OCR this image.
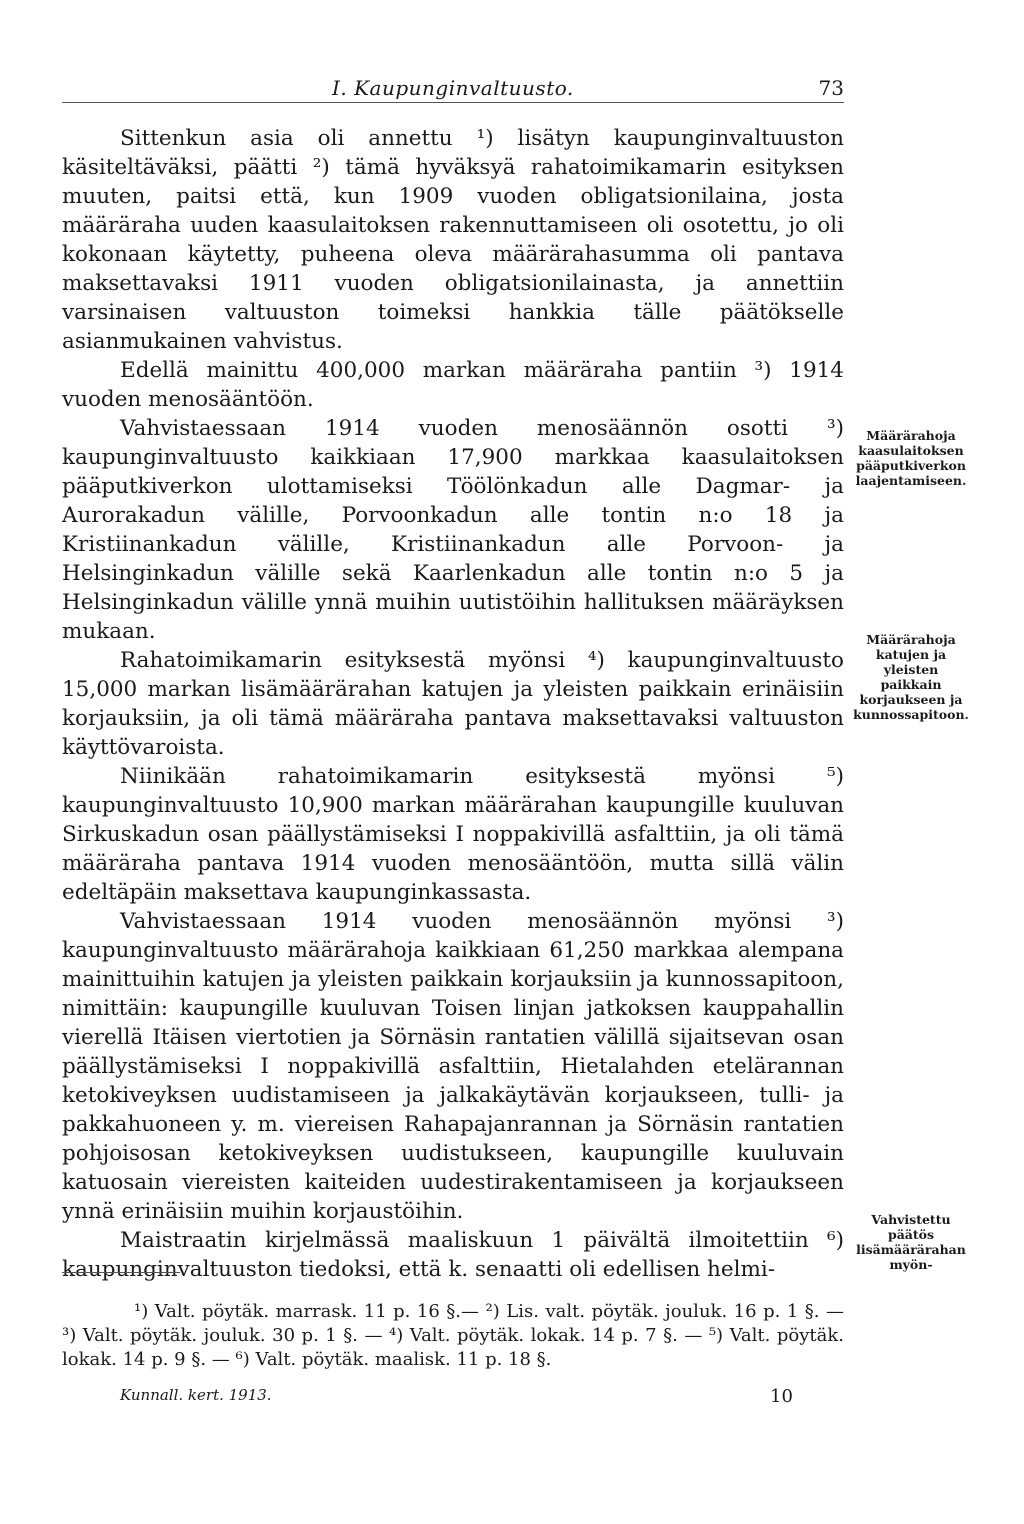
I. Kaupunginvaltuusto.	73

Sittenkun asia oli annettu ¹) lisätyn kaupunginvaltuuston käsiteltäväksi, päätti ²) tämä hyväksyä rahatoimikamarin esityksen muuten, paitsi että, kun 1909 vuoden obligatsionilaina, josta määräraha uuden kaasulaitoksen rakennuttamiseen oli osotettu, jo oli kokonaan käytetty, puheena oleva määrärahasumma oli pantava maksettavaksi 1911 vuoden obligatsionilainasta, ja annettiin varsinaisen valtuuston toimeksi hankkia tälle päätökselle asianmukainen vahvistus.

Edellä mainittu 400,000 markan määräraha pantiin ³) 1914 vuoden menosääntöön.

Vahvistaessaan 1914 vuoden menosäännön osotti ³) kaupunginvaltuusto kaikkiaan 17,900 markkaa kaasulaitoksen pääputkiverkon ulottamiseksi Töölönkadun alle Dagmar- ja Aurorakadun välille, Porvoonkadun alle tontin n:o 18 ja Kristiinankadun välille, Kristiinankadun alle Porvoon- ja Helsinginkadun välille sekä Kaarlenkadun alle tontin n:o 5 ja Helsinginkadun välille ynnä muihin uutistöihin hallituksen määräyksen mukaan.

Rahatoimikamarin esityksestä myönsi ⁴) kaupunginvaltuusto 15,000 markan lisämäärärahan katujen ja yleisten paikkain erinäisiin korjauksiin, ja oli tämä määräraha pantava maksettavaksi valtuuston käyttövaroista.

Niinikään rahatoimikamarin esityksestä myönsi ⁵) kaupunginvaltuusto 10,900 markan määrärahan kaupungille kuuluvan Sirkuskadun osan päällystämiseksi I noppakivillä asfalttiin, ja oli tämä määräraha pantava 1914 vuoden menosääntöön, mutta sillä välin edeltäpäin maksettava kaupunginkassasta.

Vahvistaessaan 1914 vuoden menosäännön myönsi ³) kaupunginvaltuusto määrärahoja kaikkiaan 61,250 markkaa alempana mainittuihin katujen ja yleisten paikkain korjauksiin ja kunnossapitoon, nimittäin: kaupungille kuuluvan Toisen linjan jatkoksen kauppahallin vierellä Itäisen viertotien ja Sörnäsin rantatien välillä sijaitsevan osan päällystämiseksi I noppakivillä asfalttiin, Hietalahden etelärannan ketokiveyksen uudistamiseen ja jalkakäytävän korjaukseen, tulli- ja pakkahuoneen y. m. viereisen Rahapajanrannan ja Sörnäsin rantatien pohjoisosan ketokiveyksen uudistukseen, kaupungille kuuluvain katuosain viereisten kaiteiden uudestirakentamiseen ja korjaukseen ynnä erinäisiin muihin korjaustöihin.

Maistraatin kirjelmässä maaliskuun 1 päivältä ilmoitettiin ⁶) kaupunginvaltuuston tiedoksi, että k. senaatti oli edellisen helmi-

Määrärahoja kaasulaitoksen pääputkiverkon laajentamiseen.
Määrärahoja katujen ja yleisten paikkain korjaukseen ja kunnossapitoon.
Vahvistettu päätös lisämäärärahan myön-

¹) Valt. pöytäk. marrask. 11 p. 16 §.— ²) Lis. valt. pöytäk. jouluk. 16 p. 1 §. — ³) Valt. pöytäk. jouluk. 30 p. 1 §. — ⁴) Valt. pöytäk. lokak. 14 p. 7 §. — ⁵) Valt. pöytäk. lokak. 14 p. 9 §. — ⁶) Valt. pöytäk. maalisk. 11 p. 18 §.

Kunnall. kert. 1913.	10
